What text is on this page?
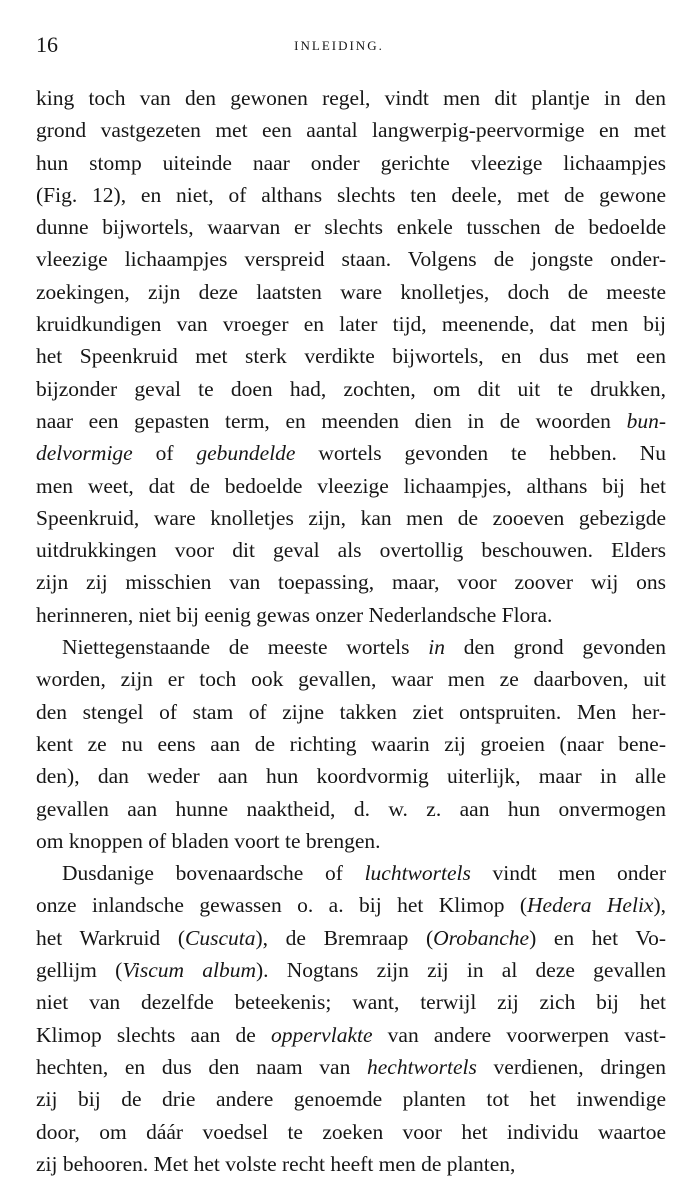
16	INLEIDING.
king toch van den gewonen regel, vindt men dit plantje in den
grond vastgezeten met een aantal langwerpig-peervormige en met
hun stomp uiteinde naar onder gerichte vleezige lichaampjes
(Fig. 12), en niet, of althans slechts ten deele, met de gewone
dunne bijwortels, waarvan er slechts enkele tusschen de bedoelde
vleezige lichaampjes verspreid staan. Volgens de jongste onder-
zoekingen, zijn deze laatsten ware knolletjes, doch de meeste
kruidkundigen van vroeger en later tijd, meenende, dat men bij
het Speenkruid met sterk verdikte bijwortels, en dus met een
bijzonder geval te doen had, zochten, om dit uit te drukken,
naar een gepasten term, en meenden dien in de woorden bun-
delvormige of gebundelde wortels gevonden te hebben. Nu
men weet, dat de bedoelde vleezige lichaampjes, althans bij het
Speenkruid, ware knolletjes zijn, kan men de zooeven gebezigde
uitdrukkingen voor dit geval als overtollig beschouwen. Elders
zijn zij misschien van toepassing, maar, voor zoover wij ons
herinneren, niet bij eenig gewas onzer Nederlandsche Flora.
Niettegenstaande de meeste wortels in den grond gevonden
worden, zijn er toch ook gevallen, waar men ze daarboven, uit
den stengel of stam of zijne takken ziet ontspruiten. Men her-
kent ze nu eens aan de richting waarin zij groeien (naar bene-
den), dan weder aan hun koordvormig uiterlijk, maar in alle
gevallen aan hunne naaktheid, d. w. z. aan hun onvermogen
om knoppen of bladen voort te brengen.
Dusdanige bovenaardsche of luchtwortels vindt men onder
onze inlandsche gewassen o. a. bij het Klimop (Hedera Helix),
het Warkruid (Cuscuta), de Bremraap (Orobanche) en het Vo-
gellijm (Viscum album). Nogtans zijn zij in al deze gevallen
niet van dezelfde beteekenis; want, terwijl zij zich bij het
Klimop slechts aan de oppervlakte van andere voorwerpen vast-
hechten, en dus den naam van hechtwortels verdienen, dringen
zij bij de drie andere genoemde planten tot het inwendige
door, om dáár voedsel te zoeken voor het individu waartoe
zij behooren. Met het volste recht heeft men de planten,
